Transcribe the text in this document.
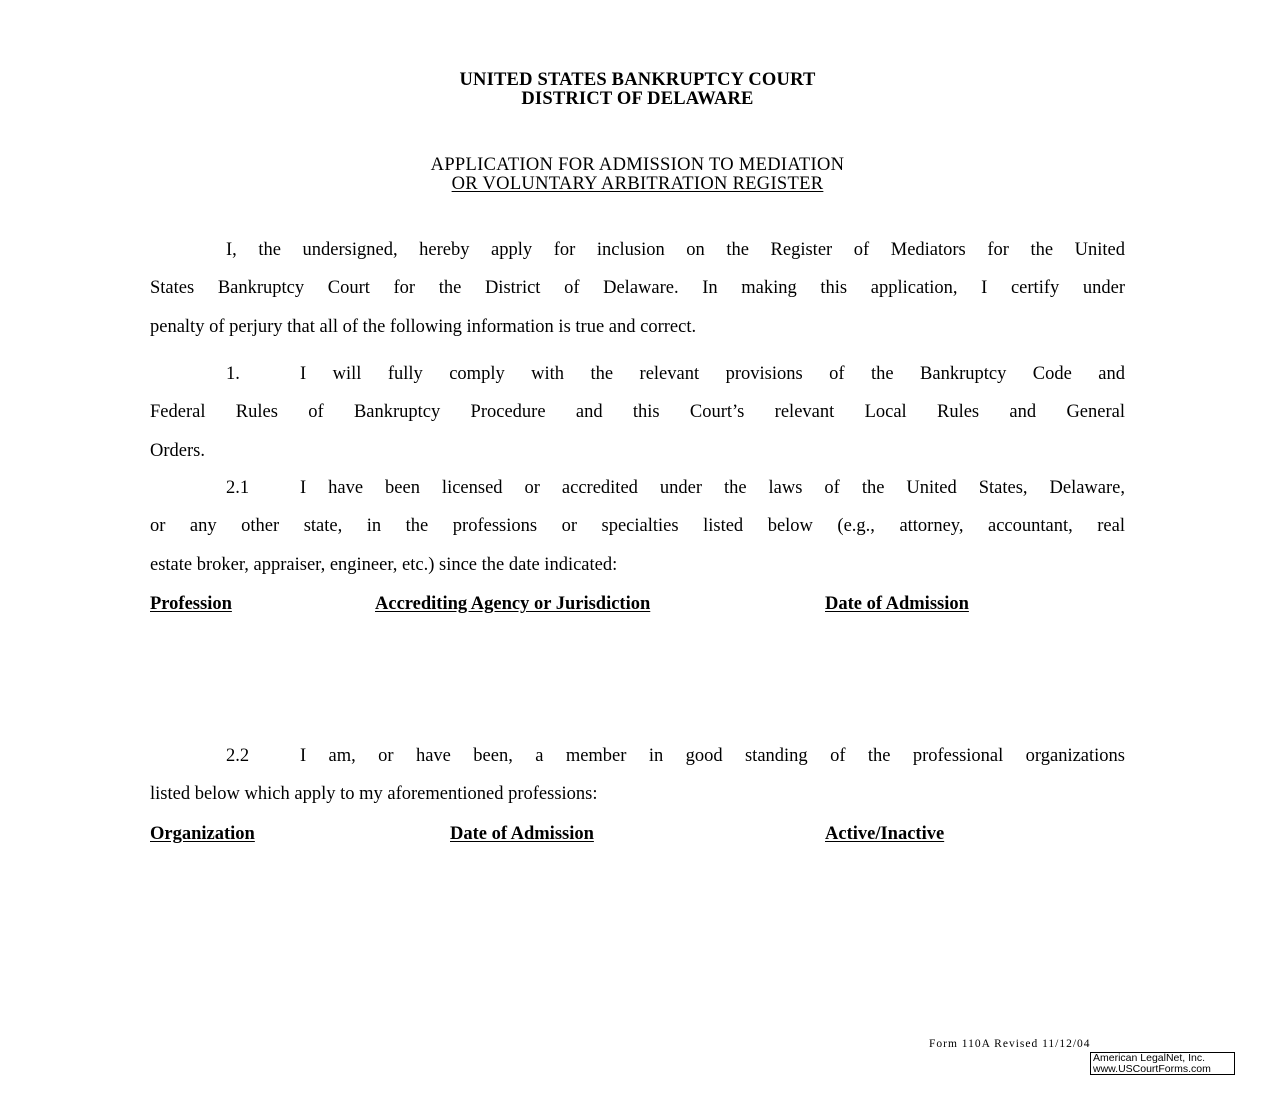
UNITED STATES BANKRUPTCY COURT
DISTRICT OF DELAWARE
APPLICATION FOR ADMISSION TO MEDIATION
OR VOLUNTARY ARBITRATION REGISTER
I, the undersigned, hereby apply for inclusion on the Register of Mediators for the United
States Bankruptcy Court for the District of Delaware. In making this application, I certify under
penalty of perjury that all of the following information is true and correct.
1.	I will fully comply with the relevant provisions of the Bankruptcy Code and
Federal Rules of Bankruptcy Procedure and this Court’s relevant Local Rules and General
Orders.
2.1	I have been licensed or accredited under the laws of the United States, Delaware,
or any other state, in the professions or specialties listed below (e.g., attorney, accountant, real
estate broker, appraiser, engineer, etc.) since the date indicated:
Profession	Accrediting Agency or Jurisdiction	Date of Admission
2.2	I am, or have been, a member in good standing of the professional organizations
listed below which apply to my aforementioned professions:
Organization	Date of Admission	Active/Inactive
Form 110A Revised 11/12/04
American LegalNet, Inc.
www.USCourtForms.com
